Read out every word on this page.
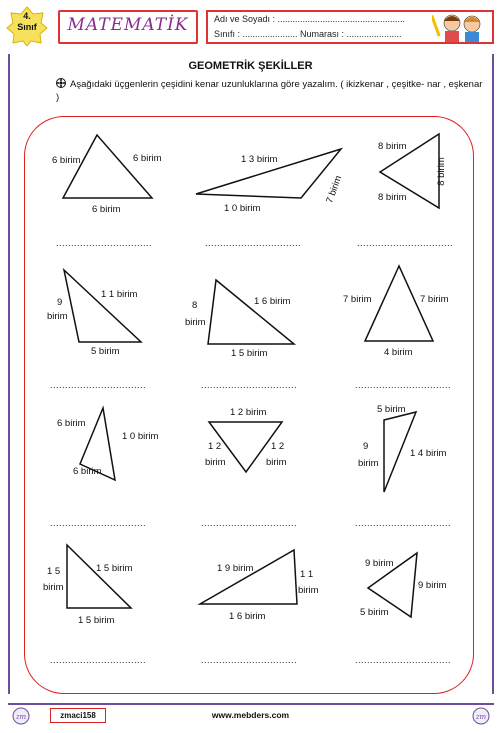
4.
Sınıf	MATEMATİK	Adı ve Soyadı : ...................................................
Sınıfı : ...................... Numarası : ......................
GEOMETRİK ŞEKİLLER
Aşağıdaki üçgenlerin çeşidini kenar uzunluklarına göre yazalım. ( ikizkenar , çeşitke- nar , eşkenar )
6 birim	6 birim
6 birim
1 3 birim
1 0 birim
7 birim
8 birim
8 birim
8 birim
................................	................................	................................
9
birim
1 1 birim
5 birim
8
birim
1 6 birim
1 5 birim
7 birim	7 birim
4 birim
................................	................................	................................
6 birim
1 0 birim
6 birim
1 2 birim
1 2
birim
1 2
birim
5 birim
9
birim
1 4 birim
................................	................................	................................
1 5
birim
1 5 birim
1 5 birim
1 9 birim
1 1
birim
1 6 birim
9 birim
9 birim
5 birim
................................	................................	................................
zm	zmaci158	www.mebders.com	zm
